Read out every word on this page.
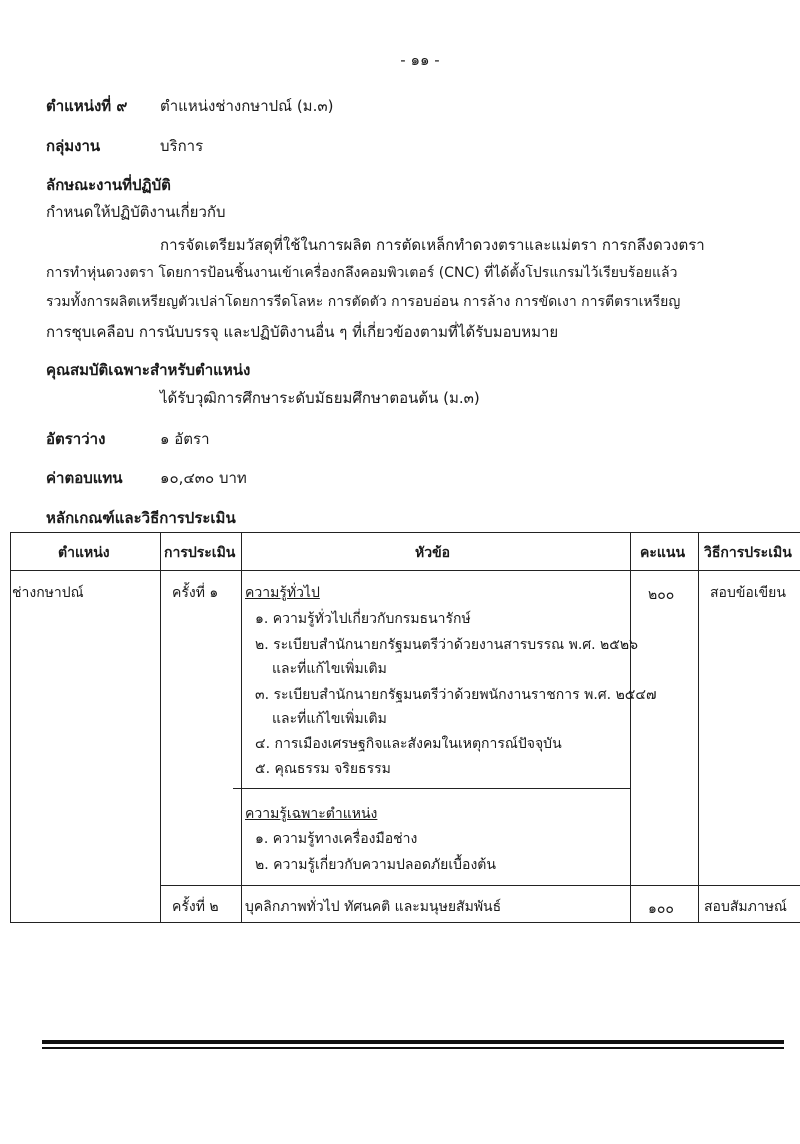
- ๑๑ -
ตำแหน่งที่ ๙ ตำแหน่งช่างกษาปณ์ (ม.๓)
กลุ่มงาน	บริการ
ลักษณะงานที่ปฏิบัติ
กำหนดให้ปฏิบัติงานเกี่ยวกับ
การจัดเตรียมวัสดุที่ใช้ในการผลิต การตัดเหล็กทำดวงตราและแม่ตรา การกลึงดวงตรา
การทำหุ่นดวงตรา โดยการป้อนชิ้นงานเข้าเครื่องกลึงคอมพิวเตอร์ (CNC) ที่ได้ตั้งโปรแกรมไว้เรียบร้อยแล้ว
รวมทั้งการผลิตเหรียญตัวเปล่าโดยการรีดโลหะ การตัดตัว การอบอ่อน การล้าง การขัดเงา การตีตราเหรียญ
การชุบเคลือบ การนับบรรจุ และปฏิบัติงานอื่น ๆ ที่เกี่ยวข้องตามที่ได้รับมอบหมาย
คุณสมบัติเฉพาะสำหรับตำแหน่ง
ได้รับวุฒิการศึกษาระดับมัธยมศึกษาตอนต้น (ม.๓)
อัตราว่าง	๑ อัตรา
ค่าตอบแทน ๑๐,๔๓๐ บาท
หลักเกณฑ์และวิธีการประเมิน
ตำแหน่ง	การประเมิน	หัวข้อ	คะแนน วิธีการประเมิน
ช่างกษาปณ์	ครั้งที่ ๑ ความรู้ทั่วไป
๑. ความรู้ทั่วไปเกี่ยวกับกรมธนารักษ์
๒. ระเบียบสำนักนายกรัฐมนตรีว่าด้วยงานสารบรรณ พ.ศ. ๒๕๒๖
และที่แก้ไขเพิ่มเติม
๓. ระเบียบสำนักนายกรัฐมนตรีว่าด้วยพนักงานราชการ พ.ศ. ๒๕๔๗
และที่แก้ไขเพิ่มเติม
๔. การเมืองเศรษฐกิจและสังคมในเหตุการณ์ปัจจุบัน
๕. คุณธรรม จริยธรรม
ความรู้เฉพาะตำแหน่ง
๑. ความรู้ทางเครื่องมือช่าง
๒. ความรู้เกี่ยวกับความปลอดภัยเบื้องต้น
๒๐๐	สอบข้อเขียน
ครั้งที่ ๒ บุคลิกภาพทั่วไป ทัศนคติ และมนุษยสัมพันธ์	๑๐๐ สอบสัมภาษณ์
